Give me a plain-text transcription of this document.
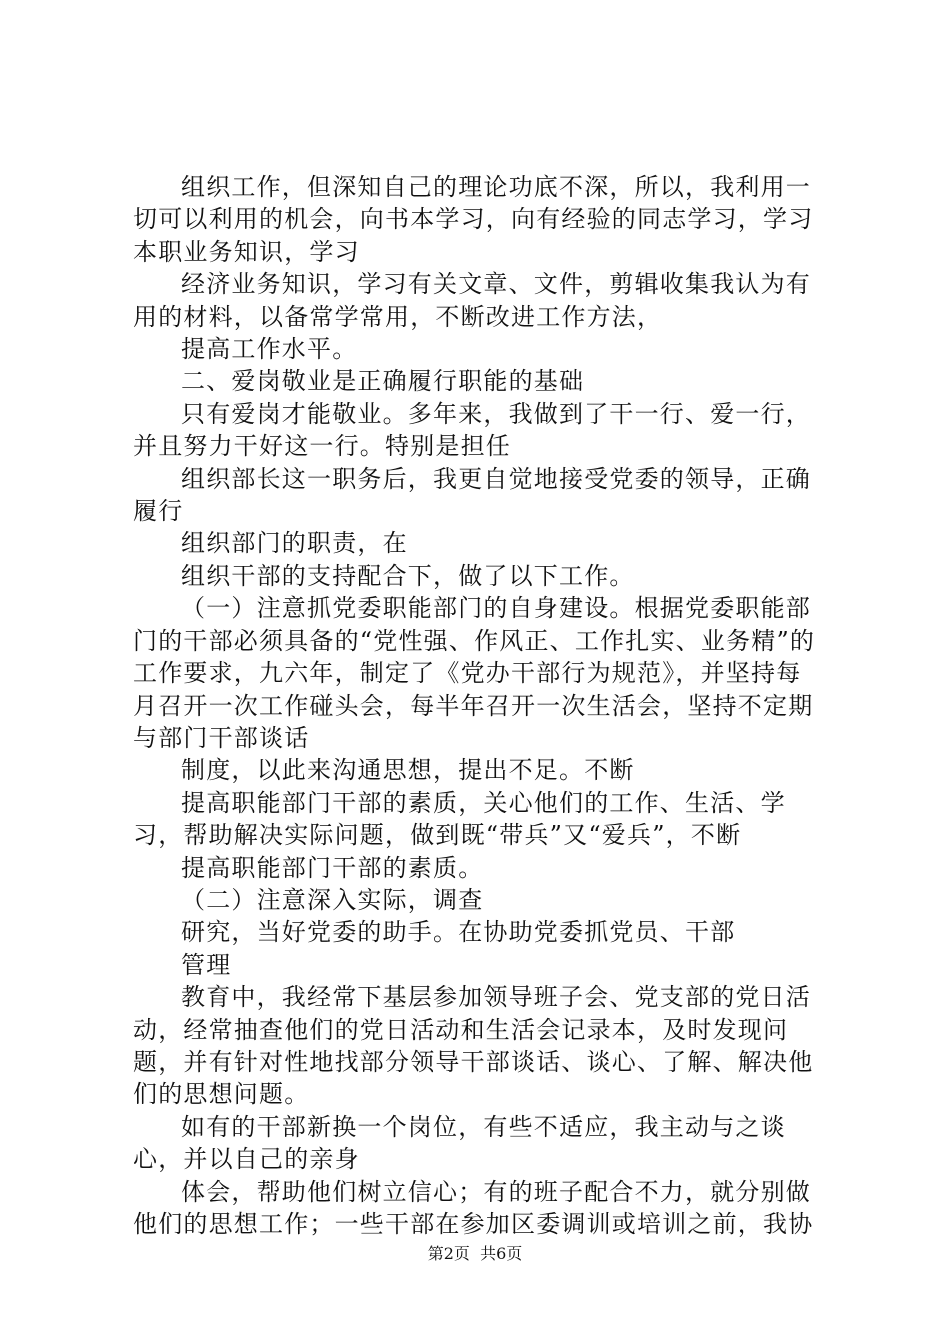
组织工作，但深知自己的理论功底不深，所以，我利用一切可以利用的机会，向书本学习，向有经验的同志学习，学习本职业务知识，学习

经济业务知识，学习有关文章、文件，剪辑收集我认为有用的材料，以备常学常用，不断改进工作方法，

提高工作水平。

二、爱岗敬业是正确履行职能的基础

只有爱岗才能敬业。多年来，我做到了干一行、爱一行，并且努力干好这一行。特别是担任

组织部长这一职务后，我更自觉地接受党委的领导，正确履行

组织部门的职责，在

组织干部的支持配合下，做了以下工作。

（一）注意抓党委职能部门的自身建设。根据党委职能部门的干部必须具备的“党性强、作风正、工作扎实、业务精”的工作要求，九六年，制定了《党办干部行为规范》，并坚持每月召开一次工作碰头会，每半年召开一次生活会，坚持不定期与部门干部谈话

制度，以此来沟通思想，提出不足。不断

提高职能部门干部的素质，关心他们的工作、生活、学习，帮助解决实际问题，做到既“带兵”又“爱兵”，不断

提高职能部门干部的素质。

（二）注意深入实际，调查

研究，当好党委的助手。在协助党委抓党员、干部

管理

教育中，我经常下基层参加领导班子会、党支部的党日活动，经常抽查他们的党日活动和生活会记录本，及时发现问题，并有针对性地找部分领导干部谈话、谈心、了解、解决他们的思想问题。

如有的干部新换一个岗位，有些不适应，我主动与之谈心，并以自己的亲身

体会，帮助他们树立信心；有的班子配合不力，就分别做他们的思想工作；一些干部在参加区委调训或培训之前，我协

第2页  共6页
